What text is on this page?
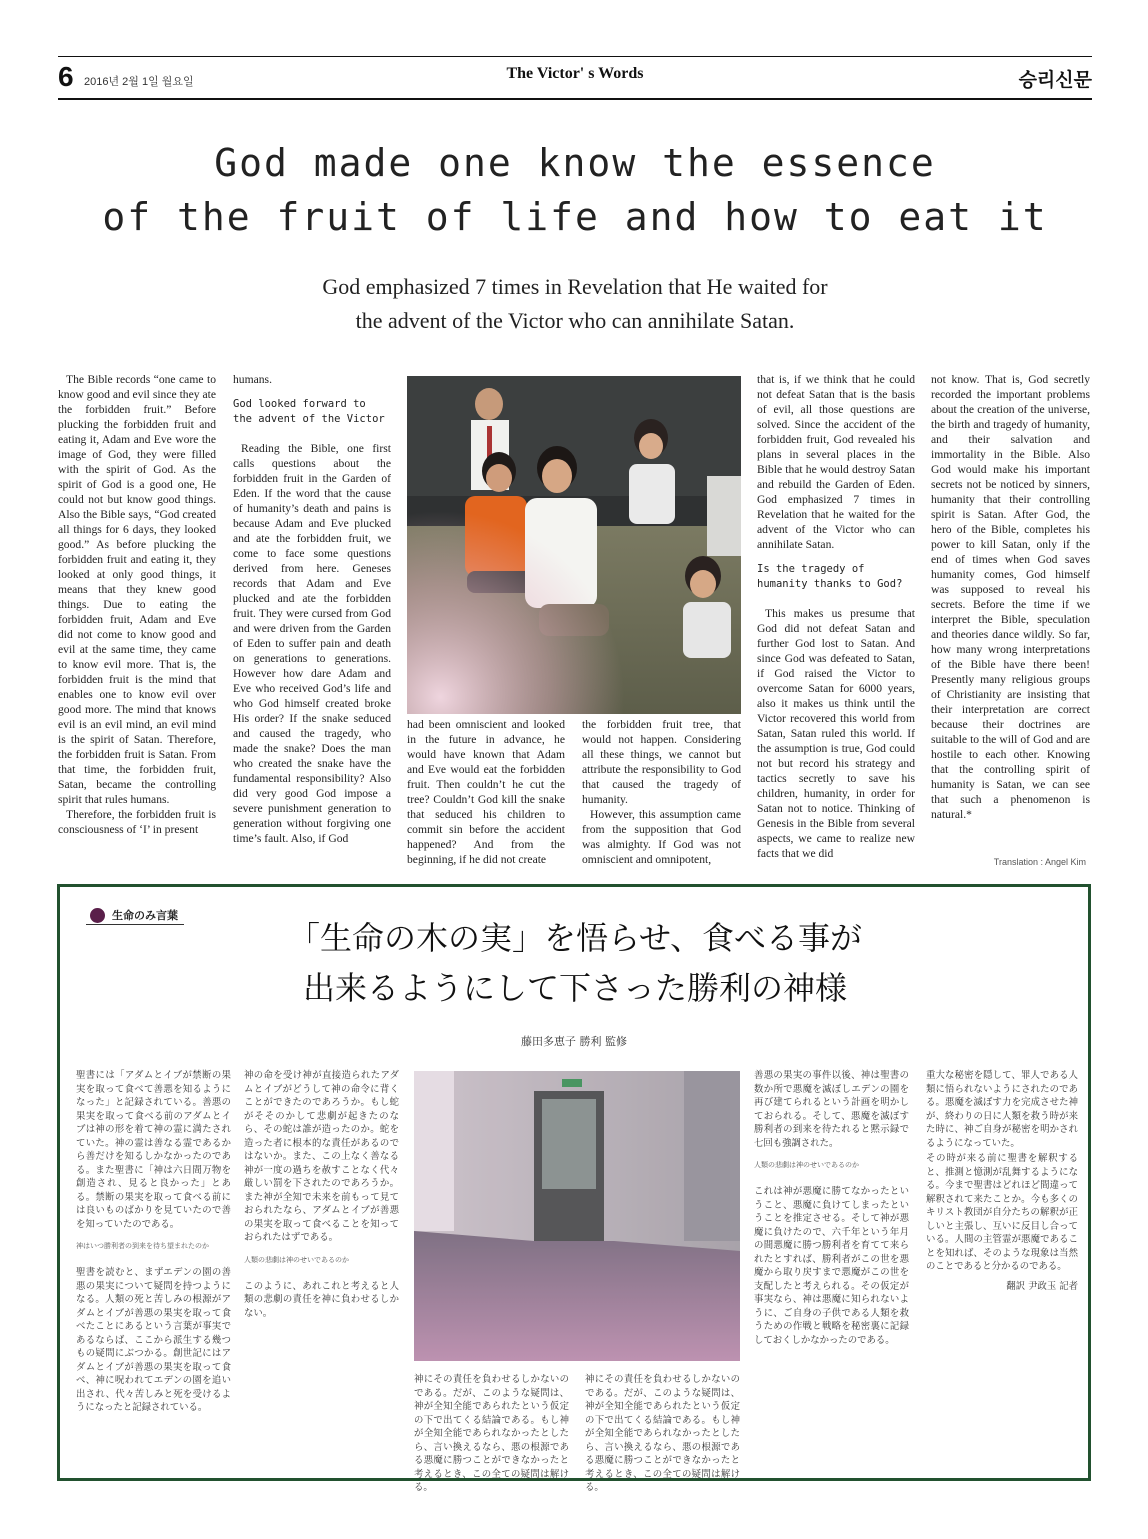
6 2016년 2월 1일 월요일	The Victor' s Words	승리신문
God made one know the essence
of the fruit of life and how to eat it
God emphasized 7 times in Revelation that He waited for
the advent of the Victor who can annihilate Satan.

The Bible records “one came to know good and evil since they ate the forbidden fruit.” Before plucking the forbidden fruit and eating it, Adam and Eve wore the image of God, they were filled with the spirit of God. As the spirit of God is a good one, He could not but know good things. Also the Bible says, “God created all things for 6 days, they looked good.” As before plucking the forbidden fruit and eating it, they looked at only good things, it means that they knew good things. Due to eating the forbidden fruit, Adam and Eve did not come to know good and evil at the same time, they came to know evil more. That is, the forbidden fruit is the mind that enables one to know evil over good more. The mind that knows evil is an evil mind, an evil mind is the spirit of Satan. Therefore, the forbidden fruit is Satan. From that time, the forbidden fruit, Satan, became the controlling spirit that rules humans.

Therefore, the forbidden fruit is consciousness of ‘I’ in present

humans.

God looked forward to the advent of the Victor

Reading the Bible, one first calls questions about the forbidden fruit in the Garden of Eden. If the word that the cause of humanity’s death and pains is because Adam and Eve plucked and ate the forbidden fruit, we come to face some questions derived from here. Geneses records that Adam and Eve plucked and ate the forbidden fruit. They were cursed from God and were driven from the Garden of Eden to suffer pain and death on generations to generations. However how dare Adam and Eve who received God’s life and who God himself created broke His order? If the snake seduced and caused the tragedy, who made the snake? Does the man who created the snake have the fundamental responsibility? Also did very good God impose a severe punishment generation to generation without forgiving one time’s fault. Also, if God

had been omniscient and looked in the future in advance, he would have known that Adam and Eve would eat the forbidden fruit. Then couldn’t he cut the tree? Couldn’t God kill the snake that seduced his children to commit sin before the accident happened? And from the beginning, if he did not create

the forbidden fruit tree, that would not happen. Considering all these things, we cannot but attribute the responsibility to God that caused the tragedy of humanity.

However, this assumption came from the supposition that God was almighty. If God was not omniscient and omnipotent,

that is, if we think that he could not defeat Satan that is the basis of evil, all those questions are solved. Since the accident of the forbidden fruit, God revealed his plans in several places in the Bible that he would destroy Satan and rebuild the Garden of Eden. God emphasized 7 times in Revelation that he waited for the advent of the Victor who can annihilate Satan.

Is the tragedy of humanity thanks to God?

This makes us presume that God did not defeat Satan and further God lost to Satan. And since God was defeated to Satan, if God raised the Victor to overcome Satan for 6000 years, also it makes us think until the Victor recovered this world from Satan, Satan ruled this world. If the assumption is true, God could not but record his strategy and tactics secretly to save his children, humanity, in order for Satan not to notice. Thinking of Genesis in the Bible from several aspects, we came to realize new facts that we did

not know. That is, God secretly recorded the important problems about the creation of the universe, the birth and tragedy of humanity, and their salvation and immortality in the Bible. Also God would make his important secrets not be noticed by sinners, humanity that their controlling spirit is Satan. After God, the hero of the Bible, completes his power to kill Satan, only if the end of times when God saves humanity comes, God himself was supposed to reveal his secrets. Before the time if we interpret the Bible, speculation and theories dance wildly. So far, how many wrong interpretations of the Bible have there been! Presently many religious groups of Christianity are insisting that their interpretation are correct because their doctrines are suitable to the will of God and are hostile to each other. Knowing that the controlling spirit of humanity is Satan, we can see that such a phenomenon is natural.*

Translation : Angel Kim
生命のみ言葉
「生命の木の実」を悟らせ、食べる事が
出来るようにして下さった勝利の神様
藤田多恵子 勝利 監修

聖書には「アダムとイブが禁断の果実を取って食べて善悪を知るようになった」と記録されている。善悪の果実を取って食べる前のアダムとイブは神の形を着て神の霊に満たされていた。神の霊は善なる霊であるから善だけを知るしかなかったのである。また聖書に「神は六日間万物を創造され、見ると良かった」とある。禁断の果実を取って食べる前には良いものばかりを見ていたので善を知っていたのである。

神はいつ勝利者の到来を待ち望まれたのか

聖書を読むと、まずエデンの園の善悪の果実について疑問を持つようになる。人類の死と苦しみの根源がアダムとイブが善悪の果実を取って食べたことにあるという言葉が事実であるならば、ここから派生する幾つもの疑問にぶつかる。創世記にはアダムとイブが善悪の果実を取って食べ、神に呪われてエデンの園を追い出され、代々苦しみと死を受けるようになったと記録されている。

神の命を受け神が直接造られたアダムとイブがどうして神の命令に背くことができたのであろうか。もし蛇がそそのかして悲劇が起きたのなら、その蛇は誰が造ったのか。蛇を造った者に根本的な責任があるのではないか。また、この上なく善なる神が一度の過ちを赦すことなく代々厳しい罰を下されたのであろうか。また神が全知で未来を前もって見ておられたなら、アダムとイブが善悪の果実を取って食べることを知っておられたはずである。

人類の悲劇は神のせいであるのか

このように、あれこれと考えると人類の悲劇の責任を神に負わせるしかない。

神にその責任を負わせるしかないのである。だが、このような疑問は、神が全知全能であられたという仮定の下で出てくる結論である。もし神が全知全能であられなかったとしたら、言い換えるなら、悪の根源である悪魔に勝つことができなかったと考えるとき、この全ての疑問は解ける。

神にその責任を負わせるしかないのである。だが、このような疑問は、神が全知全能であられたという仮定の下で出てくる結論である。もし神が全知全能であられなかったとしたら、言い換えるなら、悪の根源である悪魔に勝つことができなかったと考えるとき、この全ての疑問は解ける。

善悪の果実の事件以後、神は聖書の数か所で悪魔を滅ぼしエデンの園を再び建てられるという計画を明かしておられる。そして、悪魔を滅ぼす勝利者の到来を待たれると黙示録で七回も強調された。

人類の悲劇は神のせいであるのか

これは神が悪魔に勝てなかったということ、悪魔に負けてしまったということを推定させる。そして神が悪魔に負けたので、六千年という年月の間悪魔に勝つ勝利者を育てて来られたとすれば、勝利者がこの世を悪魔から取り戻すまで悪魔がこの世を支配したと考えられる。その仮定が事実なら、神は悪魔に知られないように、ご自身の子供である人類を救うための作戦と戦略を秘密裏に記録しておくしかなかったのである。

重大な秘密を隠して、罪人である人類に悟られないようにされたのである。悪魔を滅ぼす力を完成させた神が、終わりの日に人類を救う時が来た時に、神ご自身が秘密を明かされるようになっていた。

その時が来る前に聖書を解釈すると、推測と憶測が乱舞するようになる。今まで聖書はどれほど間違って解釈されて来たことか。今も多くのキリスト教団が自分たちの解釈が正しいと主張し、互いに反目し合っている。人間の主管霊が悪魔であることを知れば、そのような現象は当然のことであると分かるのである。

翻訳 尹政玉 記者
